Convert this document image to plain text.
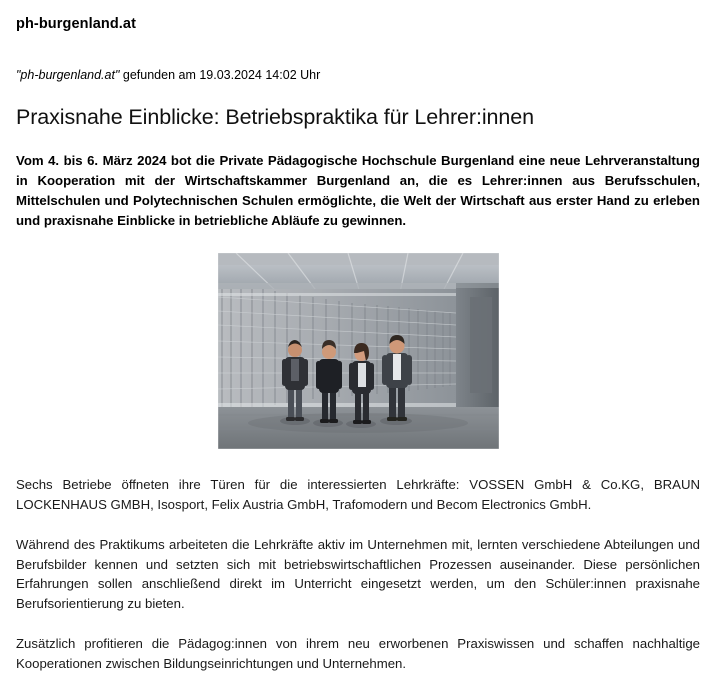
ph-burgenland.at
"ph-burgenland.at" gefunden am 19.03.2024 14:02 Uhr
Praxisnahe Einblicke: Betriebspraktika für Lehrer:innen

Vom 4. bis 6. März 2024 bot die Private Pädagogische Hochschule Burgenland eine neue Lehrveranstaltung in Kooperation mit der Wirtschaftskammer Burgenland an, die es Lehrer:innen aus Berufsschulen, Mittelschulen und Polytechnischen Schulen ermöglichte, die Welt der Wirtschaft aus erster Hand zu erleben und praxisnahe Einblicke in betriebliche Abläufe zu gewinnen.

Sechs Betriebe öffneten ihre Türen für die interessierten Lehrkräfte: VOSSEN GmbH & Co.KG, BRAUN LOCKENHAUS GMBH, Isosport, Felix Austria GmbH, Trafomodern und Becom Electronics GmbH.

Während des Praktikums arbeiteten die Lehrkräfte aktiv im Unternehmen mit, lernten verschiedene Abteilungen und Berufsbilder kennen und setzten sich mit betriebswirtschaftlichen Prozessen auseinander. Diese persönlichen Erfahrungen sollen anschließend direkt im Unterricht eingesetzt werden, um den Schüler:innen praxisnahe Berufsorientierung zu bieten.

Zusätzlich profitieren die Pädagog:innen von ihrem neu erworbenen Praxiswissen und schaffen nachhaltige Kooperationen zwischen Bildungseinrichtungen und Unternehmen.
